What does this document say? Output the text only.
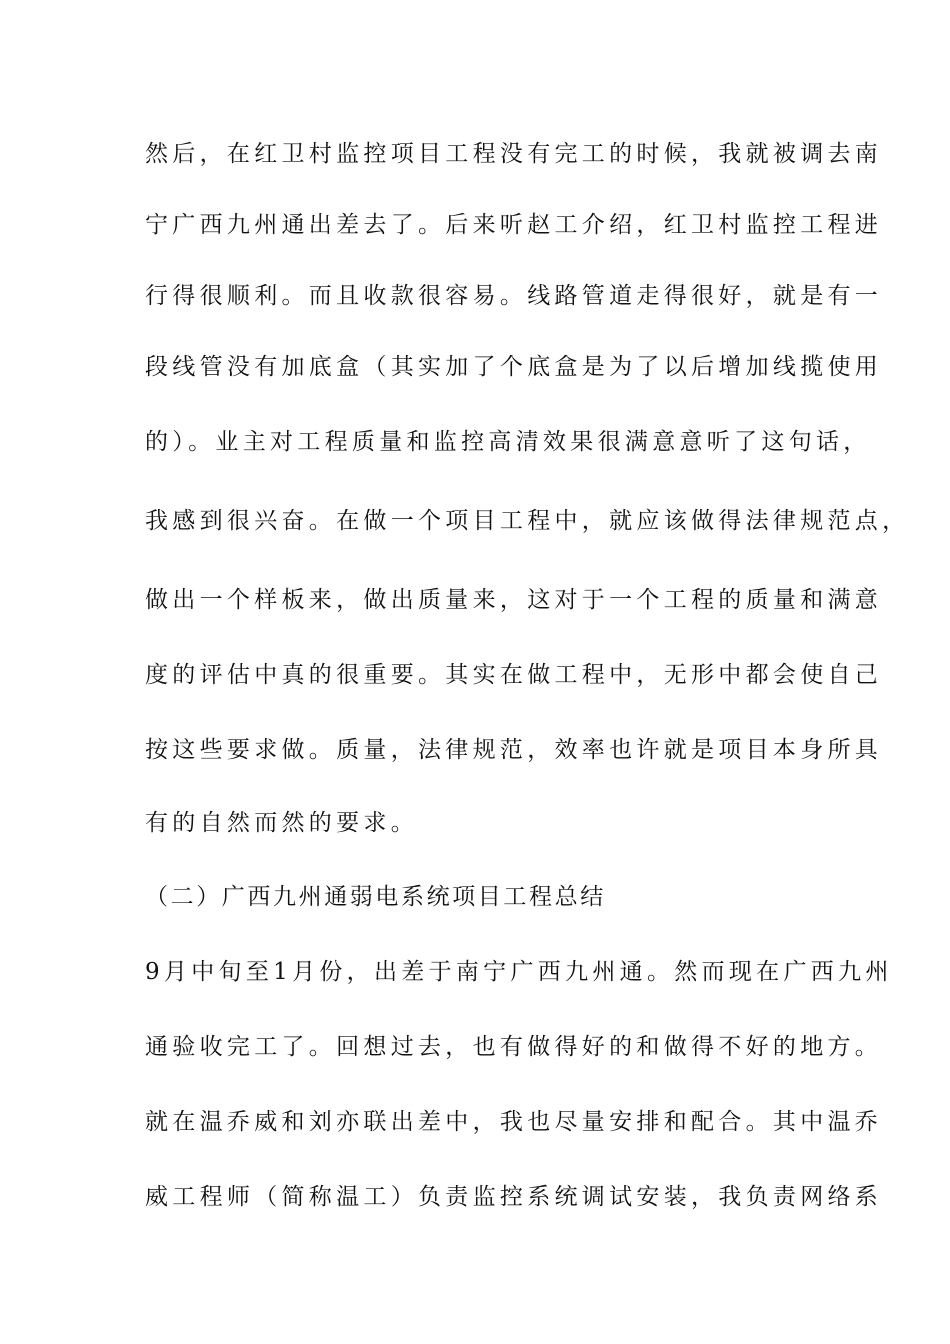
然后，在红卫村监控项目工程没有完工的时候，我就被调去南
宁广西九州通出差去了。后来听赵工介绍，红卫村监控工程进
行得很顺利。而且收款很容易。线路管道走得很好，就是有一
段线管没有加底盒（其实加了个底盒是为了以后增加线揽使用
的）。业主对工程质量和监控高清效果很满意意听了这句话，
我感到很兴奋。在做一个项目工程中，就应该做得法律规范点，
做出一个样板来，做出质量来，这对于一个工程的质量和满意
度的评估中真的很重要。其实在做工程中，无形中都会使自己
按这些要求做。质量，法律规范，效率也许就是项目本身所具
有的自然而然的要求。
（二）广西九州通弱电系统项目工程总结
9月中旬至1月份，出差于南宁广西九州通。然而现在广西九州
通验收完工了。回想过去，也有做得好的和做得不好的地方。
就在温乔威和刘亦联出差中，我也尽量安排和配合。其中温乔
威工程师（简称温工）负责监控系统调试安装，我负责网络系
